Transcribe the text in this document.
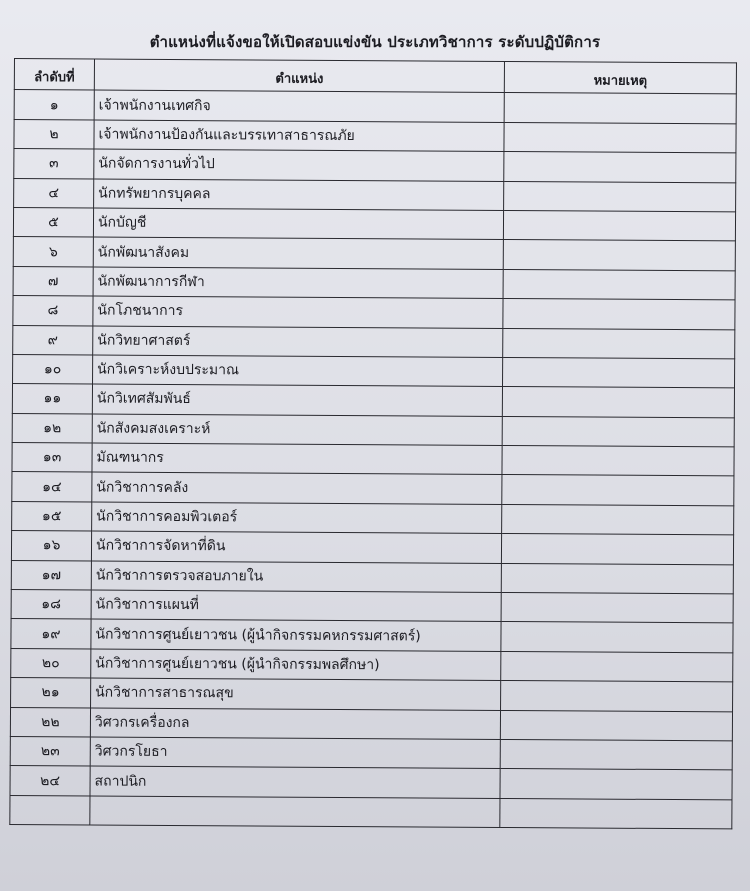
ตำแหน่งที่แจ้งขอให้เปิดสอบแข่งขัน ประเภทวิชาการ ระดับปฏิบัติการ
ลำดับที่	ตำแหน่ง	หมายเหตุ
๑	เจ้าพนักงานเทศกิจ	
๒	เจ้าพนักงานป้องกันและบรรเทาสาธารณภัย	
๓	นักจัดการงานทั่วไป	
๔	นักทรัพยากรบุคคล	
๕	นักบัญชี	
๖	นักพัฒนาสังคม	
๗	นักพัฒนาการกีฬา	
๘	นักโภชนาการ	
๙	นักวิทยาศาสตร์	
๑๐	นักวิเคราะห์งบประมาณ	
๑๑	นักวิเทศสัมพันธ์	
๑๒	นักสังคมสงเคราะห์	
๑๓	มัณฑนากร	
๑๔	นักวิชาการคลัง	
๑๕	นักวิชาการคอมพิวเตอร์	
๑๖	นักวิชาการจัดหาที่ดิน	
๑๗	นักวิชาการตรวจสอบภายใน	
๑๘	นักวิชาการแผนที่	
๑๙	นักวิชาการศูนย์เยาวชน (ผู้นำกิจกรรมคหกรรมศาสตร์)	
๒๐	นักวิชาการศูนย์เยาวชน (ผู้นำกิจกรรมพลศึกษา)	
๒๑	นักวิชาการสาธารณสุข	
๒๒	วิศวกรเครื่องกล	
๒๓	วิศวกรโยธา	
๒๔	สถาปนิก	
